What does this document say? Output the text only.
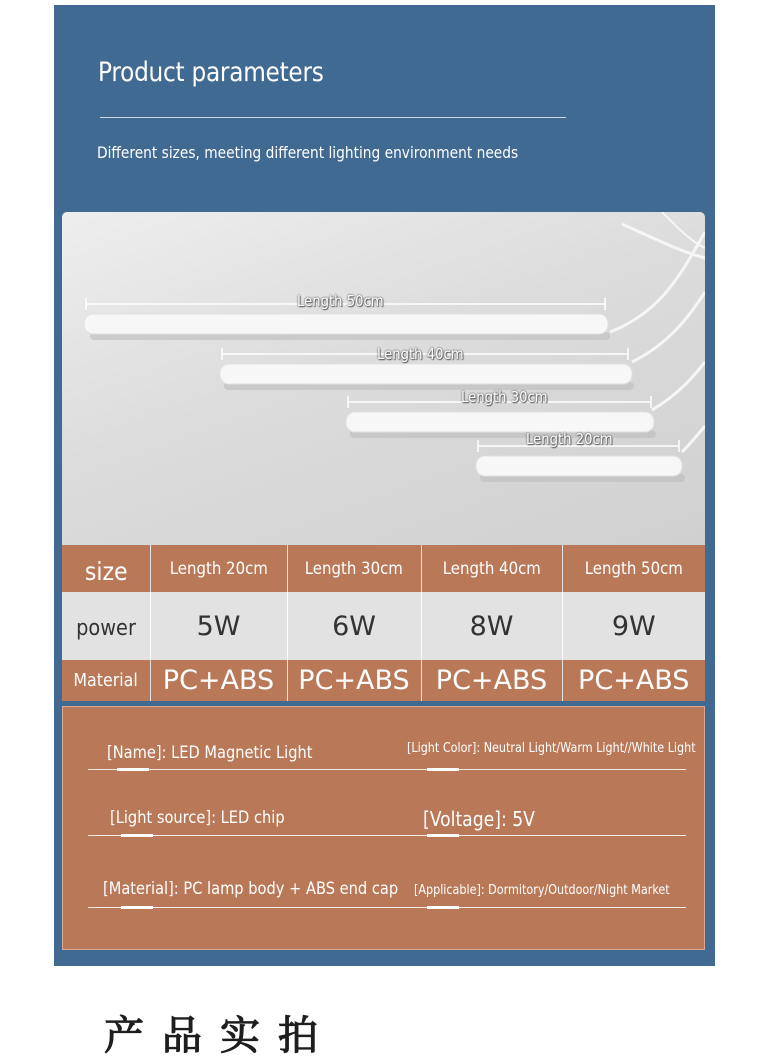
Product parameters
Different sizes, meeting different lighting environment needs
Length 50cm
Length 40cm
Length 30cm
Length 20cm
size	Length 20cm	Length 30cm	Length 40cm	Length 50cm
power	5W	6W	8W	9W
Material	PC+ABS	PC+ABS	PC+ABS	PC+ABS
[Name]: LED Magnetic Light	[Light Color]: Neutral Light/Warm Light//White Light
[Light source]: LED chip	[Voltage]: 5V
[Material]: PC lamp body + ABS end cap [Applicable]: Dormitory/Outdoor/Night Market
产品实拍
